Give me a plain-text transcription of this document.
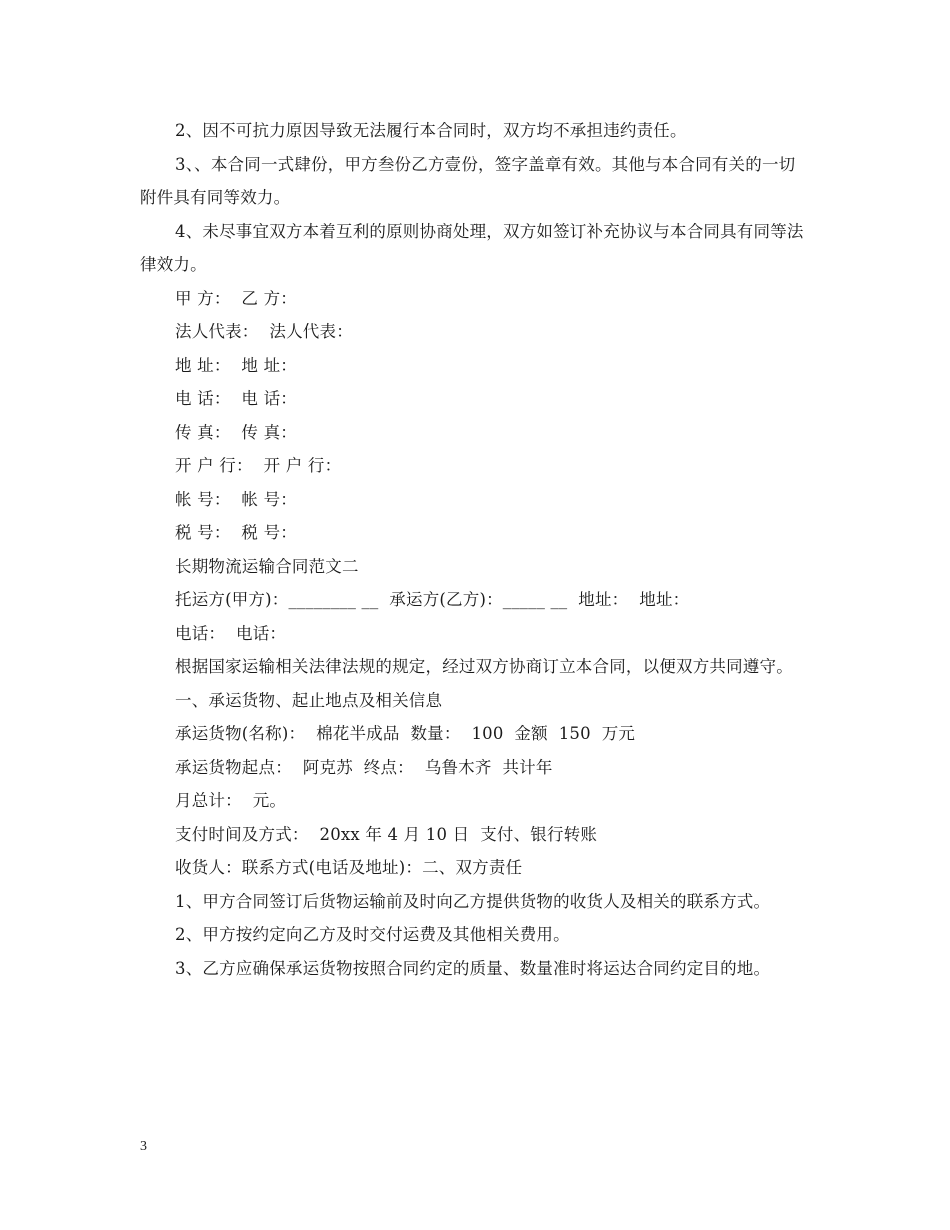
2、因不可抗力原因导致无法履行本合同时，双方均不承担违约责任。

3、、本合同一式肆份，甲方叁份乙方壹份，签字盖章有效。其他与本合同有关的一切附件具有同等效力。

4、未尽事宜双方本着互利的原则协商处理，双方如签订补充协议与本合同具有同等法律效力。

甲 方：  乙 方：

法人代表：  法人代表：

地 址：  地 址：

电 话：  电 话：

传 真：  传 真：

开 户 行：  开 户 行：

帐 号：  帐 号：

税 号：  税 号：

长期物流运输合同范文二

托运方(甲方)：________ __  承运方(乙方)：_____ __  地址：  地址：

电话：  电话：

根据国家运输相关法律法规的规定，经过双方协商订立本合同，以便双方共同遵守。

一、承运货物、起止地点及相关信息

承运货物(名称)：  棉花半成品  数量：  100  金额  150  万元

承运货物起点：  阿克苏  终点：  乌鲁木齐  共计年

月总计：  元。

支付时间及方式：  20xx 年 4 月 10 日  支付、银行转账

收货人：联系方式(电话及地址)：二、双方责任

1、甲方合同签订后货物运输前及时向乙方提供货物的收货人及相关的联系方式。

2、甲方按约定向乙方及时交付运费及其他相关费用。

3、乙方应确保承运货物按照合同约定的质量、数量准时将运达合同约定目的地。

3
